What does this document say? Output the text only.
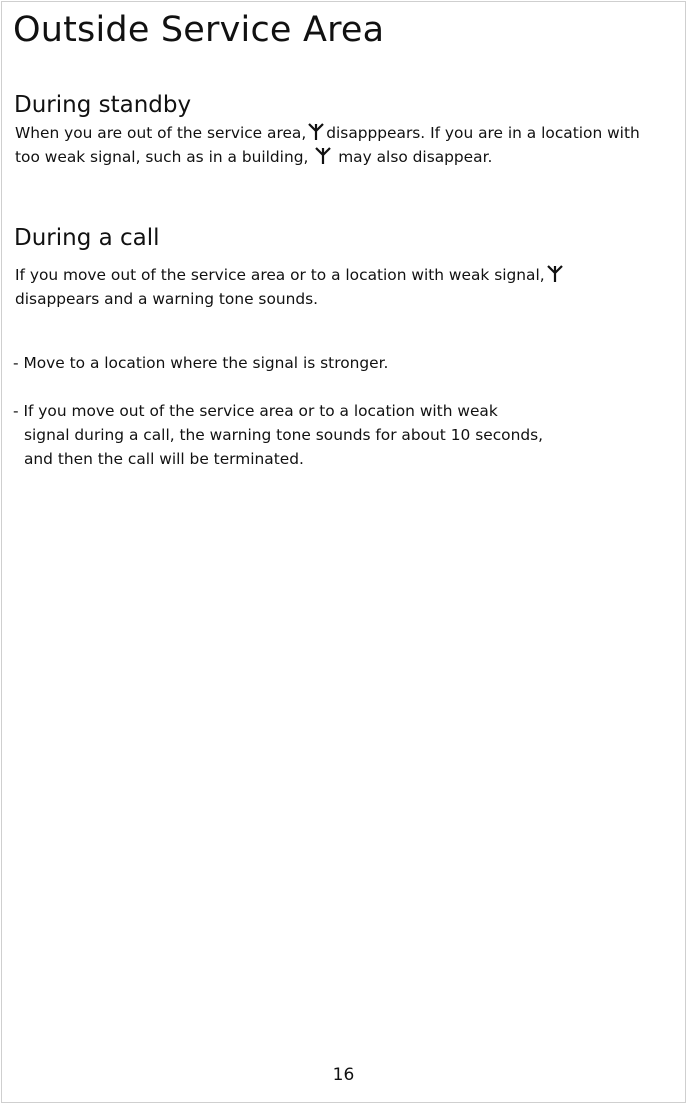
Outside Service Area
During standby

When you are out of the service area, disapppears. If you are in a location with too weak signal, such as in a building, may also disappear.

During a call

If you move out of the service area or to a location with weak signal,

disappears and a warning tone sounds.

- Move to a location where the signal is stronger.

- If you move out of the service area or to a location with weak
signal during a call, the warning tone sounds for about 10 seconds,
and then the call will be terminated.

16
